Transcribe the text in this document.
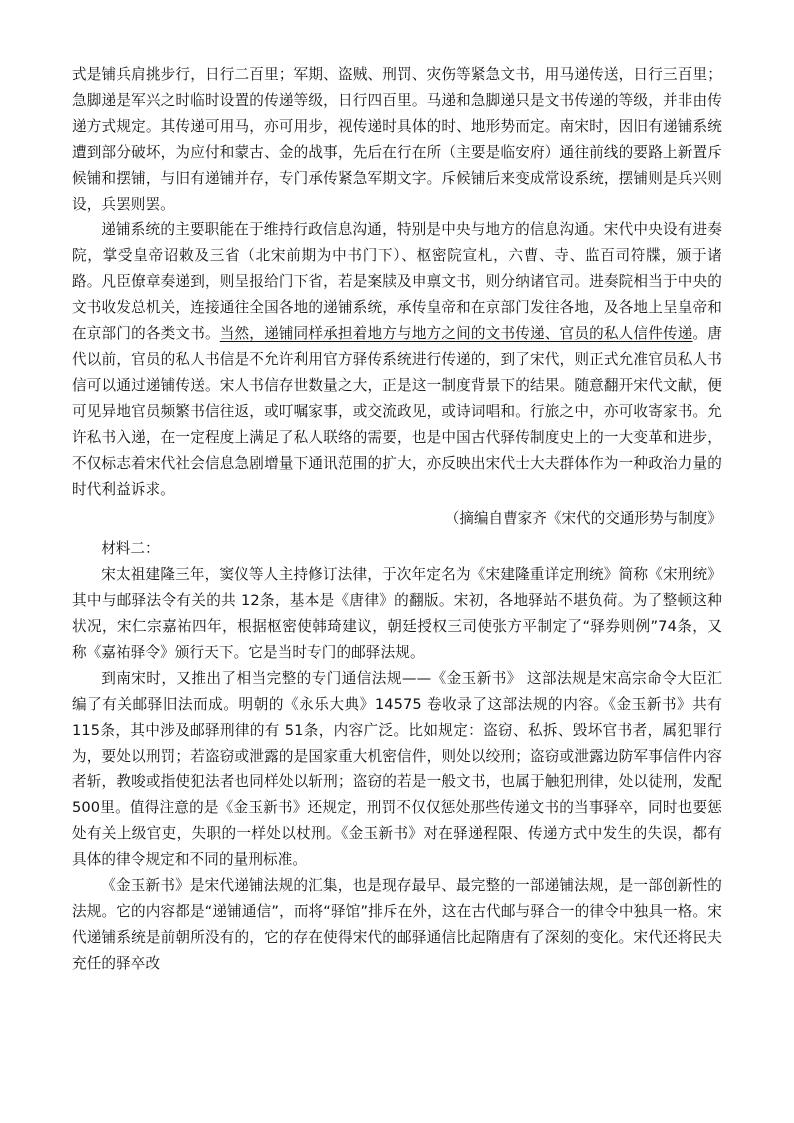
式是铺兵肩挑步行，日行二百里；军期、盗贼、刑罚、灾伤等紧急文书，用马递传送，日行三百里；急脚递是军兴之时临时设置的传递等级，日行四百里。马递和急脚递只是文书传递的等级，并非由传递方式规定。其传递可用马，亦可用步，视传递时具体的时、地形势而定。南宋时，因旧有递铺系统遭到部分破坏，为应付和蒙古、金的战事，先后在行在所（主要是临安府）通往前线的要路上新置斥候铺和摆铺，与旧有递铺并存，专门承传紧急军期文字。斥候铺后来变成常设系统，摆铺则是兵兴则设，兵罢则罢。

递铺系统的主要职能在于维持行政信息沟通，特别是中央与地方的信息沟通。宋代中央设有进奏院，掌受皇帝诏敕及三省（北宋前期为中书门下）、枢密院宣札，六曹、寺、监百司符牒，颁于诸路。凡臣僚章奏递到，则呈报给门下省，若是案牍及申禀文书，则分纳诸官司。进奏院相当于中央的文书收发总机关，连接通往全国各地的递铺系统，承传皇帝和在京部门发往各地，及各地上呈皇帝和在京部门的各类文书。当然，递铺同样承担着地方与地方之间的文书传递、官员的私人信件传递。唐代以前，官员的私人书信是不允许利用官方驿传系统进行传递的，到了宋代，则正式允准官员私人书信可以通过递铺传送。宋人书信存世数量之大，正是这一制度背景下的结果。随意翻开宋代文献，便可见异地官员频繁书信往返，或叮嘱家事，或交流政见，或诗词唱和。行旅之中，亦可收寄家书。允许私书入递，在一定程度上满足了私人联络的需要，也是中国古代驿传制度史上的一大变革和进步，不仅标志着宋代社会信息急剧增量下通讯范围的扩大，亦反映出宋代士大夫群体作为一种政治力量的时代利益诉求。

（摘编自曹家齐《宋代的交通形势与制度》

材料二：

宋太祖建隆三年，窦仪等人主持修订法律，于次年定名为《宋建隆重详定刑统》简称《宋刑统》 其中与邮驿法令有关的共 12条，基本是《唐律》的翻版。宋初，各地驿站不堪负荷。为了整顿这种状况，宋仁宗嘉祐四年，根据枢密使韩琦建议，朝廷授权三司使张方平制定了“驿券则例”74条，又称《嘉祐驿令》颁行天下。它是当时专门的邮驿法规。

到南宋时，又推出了相当完整的专门通信法规——《金玉新书》 这部法规是宋高宗命令大臣汇编了有关邮驿旧法而成。明朝的《永乐大典》14575 卷收录了这部法规的内容。《金玉新书》共有 115条，其中涉及邮驿刑律的有 51条，内容广泛。比如规定：盗窃、私拆、毁坏官书者，属犯罪行为，要处以刑罚；若盗窃或泄露的是国家重大机密信件，则处以绞刑；盗窃或泄露边防军事信件内容者斩，教唆或指使犯法者也同样处以斩刑；盗窃的若是一般文书，也属于触犯刑律，处以徒刑，发配 500里。值得注意的是《金玉新书》还规定，刑罚不仅仅惩处那些传递文书的当事驿卒，同时也要惩处有关上级官吏，失职的一样处以杖刑。《金玉新书》对在驿递程限、传递方式中发生的失误，都有具体的律令规定和不同的量刑标准。

《金玉新书》是宋代递铺法规的汇集，也是现存最早、最完整的一部递铺法规，是一部创新性的法规。它的内容都是“递铺通信”，而将“驿馆”排斥在外，这在古代邮与驿合一的律令中独具一格。宋代递铺系统是前朝所没有的，它的存在使得宋代的邮驿通信比起隋唐有了深刻的变化。宋代还将民夫充任的驿卒改
